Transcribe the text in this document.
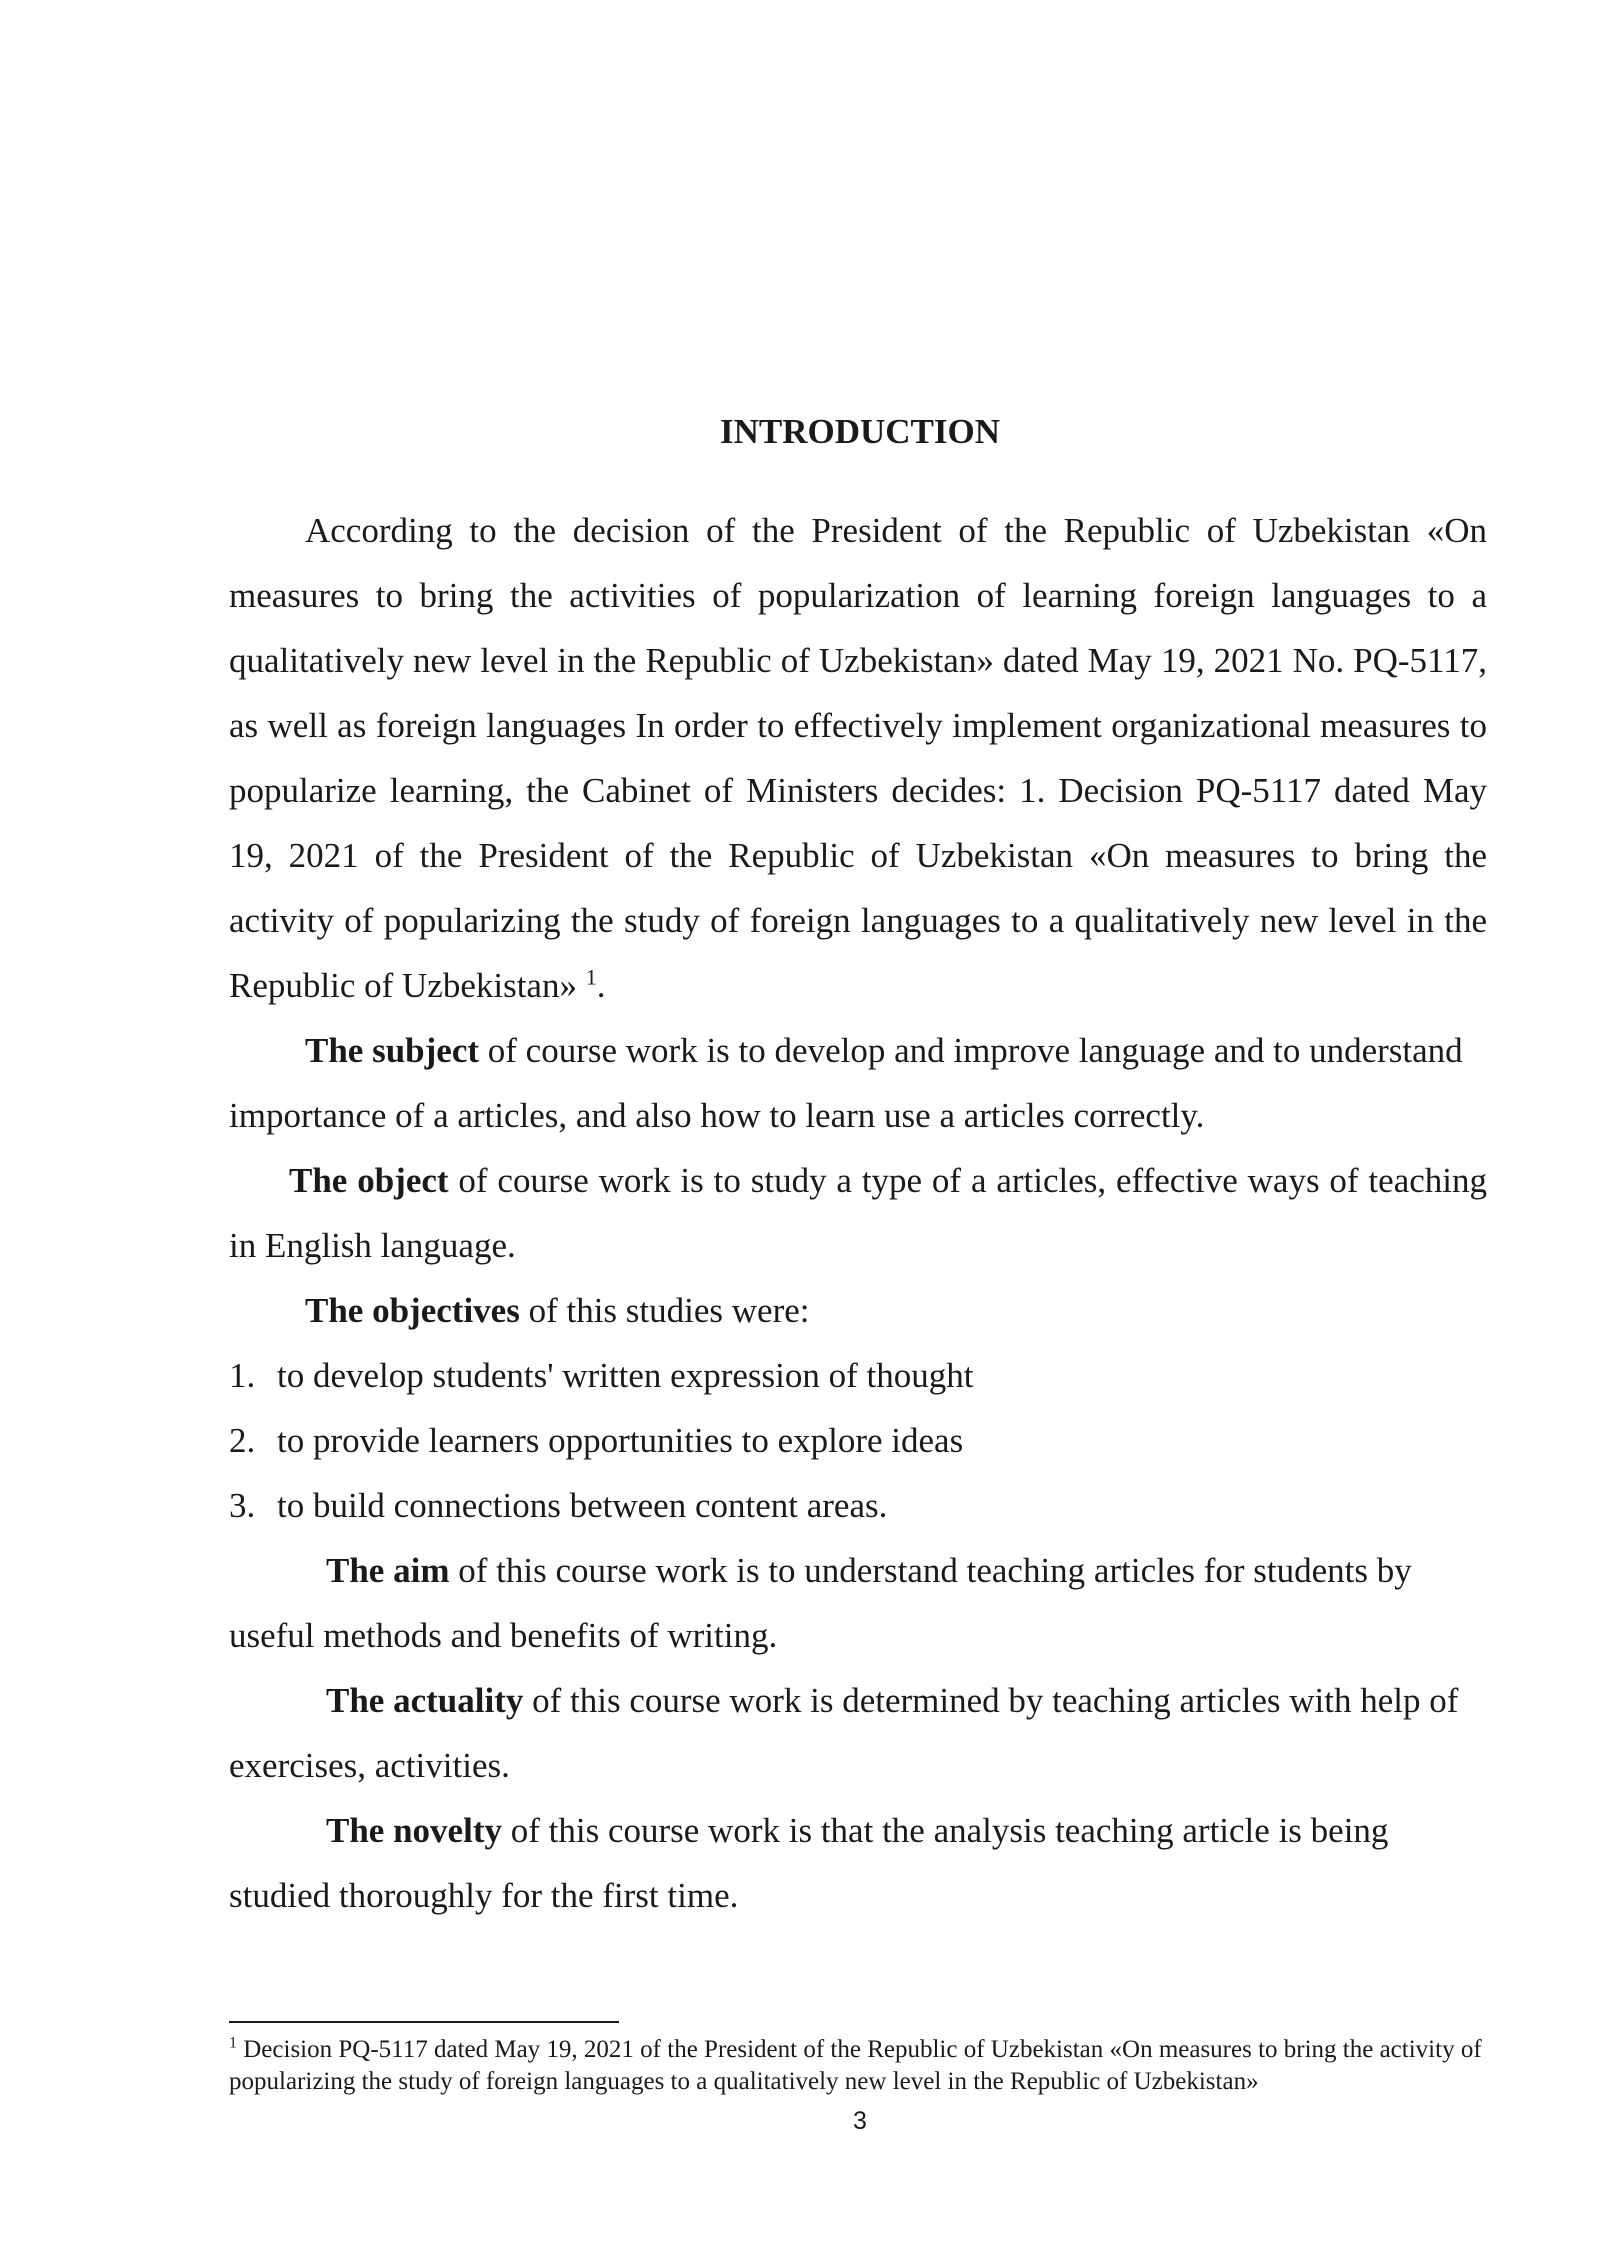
INTRODUCTION

According to the decision of the President of the Republic of Uzbekistan «On measures to bring the activities of popularization of learning foreign languages to a qualitatively new level in the Republic of Uzbekistan» dated May 19, 2021 No. PQ-5117, as well as foreign languages In order to effectively implement organizational measures to popularize learning, the Cabinet of Ministers decides: 1. Decision PQ-5117 dated May 19, 2021 of the President of the Republic of Uzbekistan «On measures to bring the activity of popularizing the study of foreign languages to a qualitatively new level in the Republic of Uzbekistan» $^1$.

The subject of course work is to develop and improve language and to understand importance of a articles, and also how to learn use a articles correctly.

The object of course work is to study a type of a articles, effective ways of teaching in English language.

The objectives of this studies were:

1. to develop students' written expression of thought
2. to provide learners opportunities to explore ideas
3. to build connections between content areas.

The aim of this course work is to understand teaching articles for students by useful methods and benefits of writing.

The actuality of this course work is determined by teaching articles with help of exercises, activities.

The novelty of this course work is that the analysis teaching article is being studied thoroughly for the first time.

$^1$ Decision PQ-5117 dated May 19, 2021 of the President of the Republic of Uzbekistan «On measures to bring the activity of popularizing the study of foreign languages to a qualitatively new level in the Republic of Uzbekistan»
3
